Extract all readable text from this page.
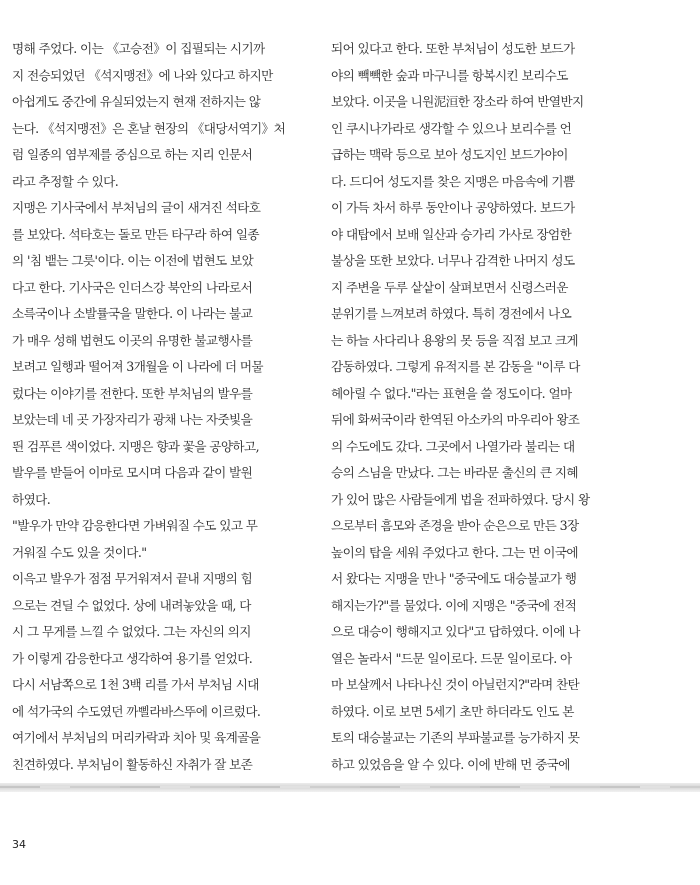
명해 주었다. 이는 《고승전》이 집필되는 시기까
지 전승되었던 《석지맹전》에 나와 있다고 하지만
아쉽게도 중간에 유실되었는지 현재 전하지는 않
는다. 《석지맹전》은 혼날 현장의 《대당서역기》처
럼 일종의 염부제를 중심으로 하는 지리 인문서
라고 추정할 수 있다.
지맹은 기사국에서 부처님의 글이 새겨진 석타호
를 보았다. 석타호는 돌로 만든 타구라 하여 일종
의 '침 뱉는 그릇'이다. 이는 이전에 법현도 보았
다고 한다. 기사국은 인더스강 북안의 나라로서
소륵국이나 소발률국을 말한다. 이 나라는 불교
가 매우 성해 법현도 이곳의 유명한 불교행사를
보려고 일행과 떨어져 3개월을 이 나라에 더 머물
렀다는 이야기를 전한다. 또한 부처님의 발우를
보았는데 네 곳 가장자리가 광채 나는 자줏빛을
띈 검푸른 색이었다. 지맹은 향과 꽃을 공양하고,
발우를 받들어 이마로 모시며 다음과 같이 발원
하였다.
"발우가 만약 감응한다면 가벼워질 수도 있고 무
거워질 수도 있을 것이다."
이윽고 발우가 점점 무거워져서 끝내 지맹의 힘
으로는 견딜 수 없었다. 상에 내려놓았을 때, 다
시 그 무게를 느낄 수 없었다. 그는 자신의 의지
가 이렇게 감응한다고 생각하여 용기를 얻었다.
다시 서남쪽으로 1천 3백 리를 가서 부처님 시대
에 석가국의 수도였던 까삘라바스뚜에 이르렀다.
여기에서 부처님의 머리카락과 치아 및 육계골을
친견하였다. 부처님이 활동하신 자취가 잘 보존
되어 있다고 한다. 또한 부처님이 성도한 보드가
야의 빽빽한 숲과 마구니를 항복시킨 보리수도
보았다. 이곳을 니원泥洹한 장소라 하여 반열반지
인 쿠시나가라로 생각할 수 있으나 보리수를 언
급하는 맥락 등으로 보아 성도지인 보드가야이
다. 드디어 성도지를 찾은 지맹은 마음속에 기쁨
이 가득 차서 하루 동안이나 공양하였다. 보드가
야 대탑에서 보배 일산과 승가리 가사로 장엄한
불상을 또한 보았다. 너무나 감격한 나머지 성도
지 주변을 두루 샅샅이 살펴보면서 신령스러운
분위기를 느껴보려 하였다. 특히 경전에서 나오
는 하늘 사다리나 용왕의 못 등을 직접 보고 크게
감동하였다. 그렇게 유적지를 본 감동을 "이루 다
헤아릴 수 없다."라는 표현을 쓸 정도이다. 얼마
뒤에 화써국이라 한역된 아소카의 마우리아 왕조
의 수도에도 갔다. 그곳에서 나열가라 불리는 대
승의 스님을 만났다. 그는 바라문 출신의 큰 지혜
가 있어 많은 사람들에게 법을 전파하였다. 당시 왕
으로부터 흠모와 존경을 받아 순은으로 만든 3장
높이의 탑을 세워 주었다고 한다. 그는 먼 이국에
서 왔다는 지맹을 만나 "중국에도 대승불교가 행
해지는가?"를 물었다. 이에 지맹은 "중국에 전적
으로 대승이 행해지고 있다"고 답하였다. 이에 나
열은 놀라서 "드문 일이로다. 드문 일이로다. 아
마 보살께서 나타나신 것이 아닐런지?"라며 찬탄
하였다. 이로 보면 5세기 초만 하더라도 인도 본
토의 대승불교는 기존의 부파불교를 능가하지 못
하고 있었음을 알 수 있다. 이에 반해 먼 중국에
34
